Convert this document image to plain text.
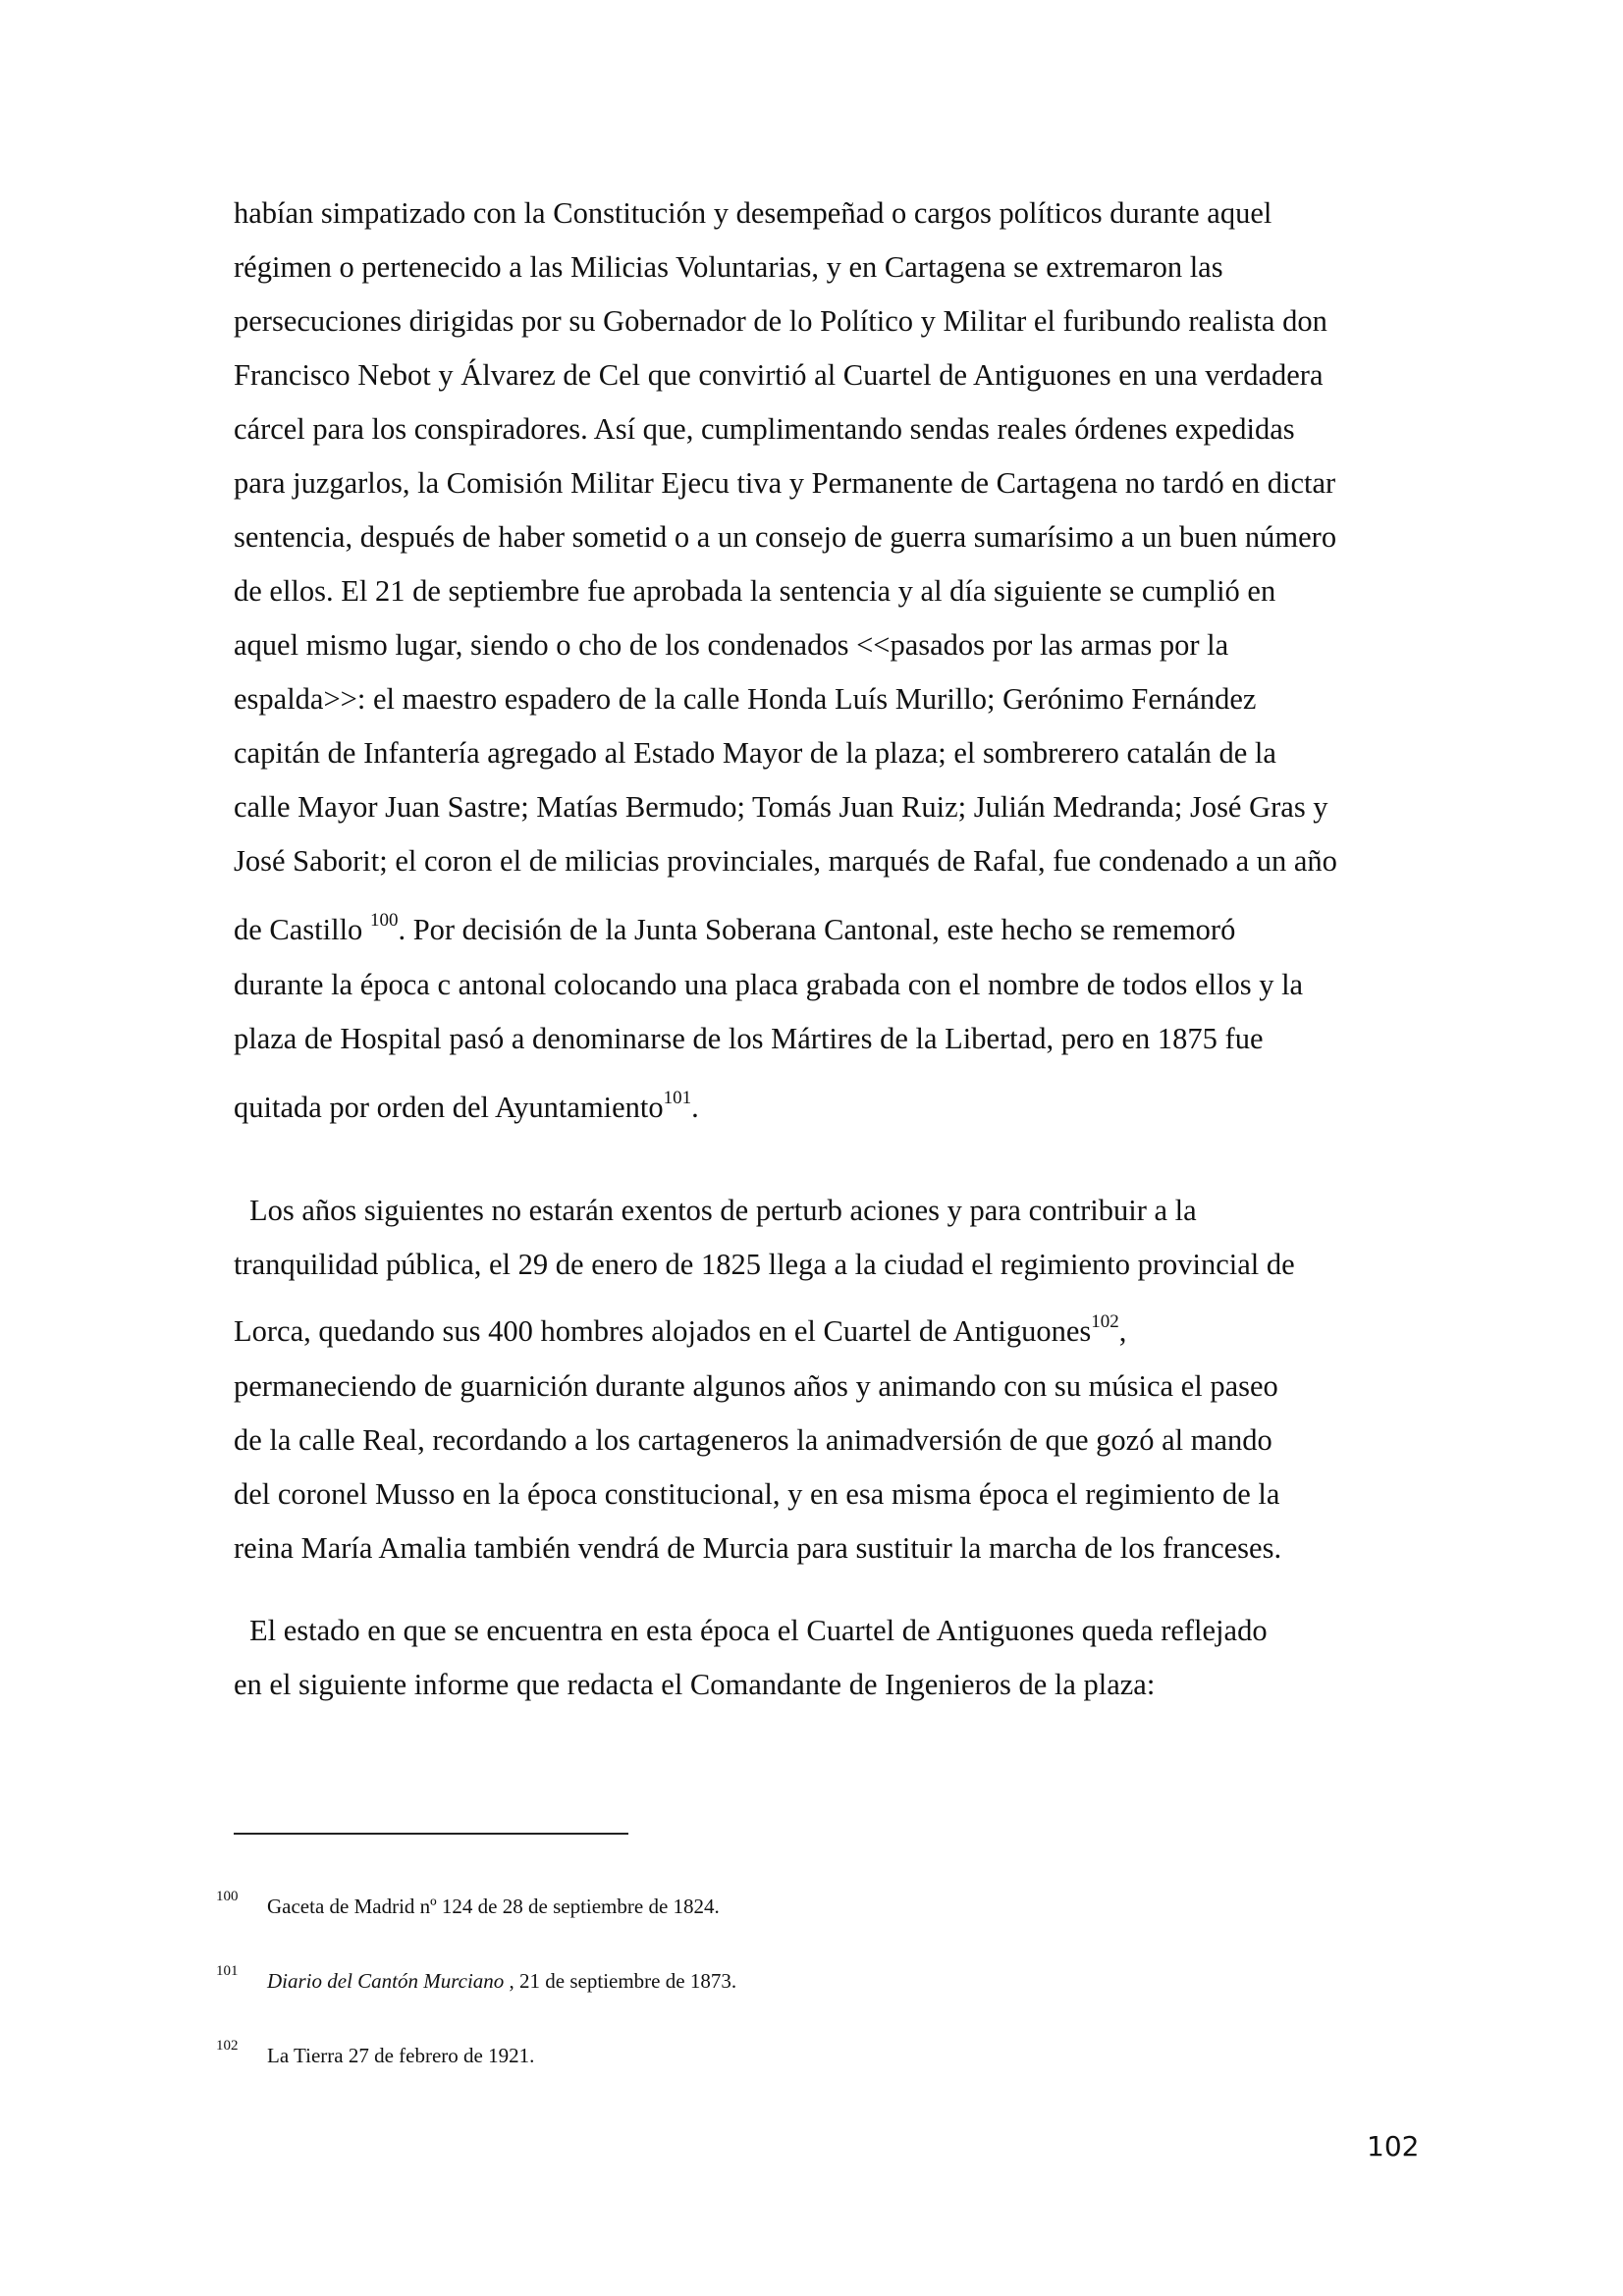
habían simpatizado con la Constitución y desempeñad o cargos políticos durante aquel
régimen o pertenecido a las Milicias Voluntarias, y en Cartagena se extremaron las
persecuciones dirigidas por su Gobernador de lo Político y Militar el furibundo realista don
Francisco Nebot y Álvarez de Cel que convirtió al Cuartel de Antiguones en una verdadera
cárcel para los conspiradores. Así que, cumplimentando sendas reales órdenes expedidas
para juzgarlos, la Comisión Militar Ejecu tiva y Permanente de Cartagena no tardó en dictar
sentencia, después de haber sometid o a un consejo de guerra sumarísimo a un buen número
de ellos. El 21 de septiembre fue aprobada la sentencia y al día siguiente se cumplió en
aquel mismo lugar, siendo o cho de los condenados <<pasados por las armas por la
espalda>>: el maestro espadero de la calle Honda Luís Murillo; Gerónimo Fernández
capitán de Infantería agregado al Estado Mayor de la plaza; el sombrerero catalán de la
calle Mayor Juan Sastre; Matías Bermudo; Tomás Juan Ruiz; Julián Medranda; José Gras y
José Saborit; el coron el de milicias provinciales, marqués de Rafal, fue condenado a un año
de Castillo $^{100}$. Por decisión de la Junta Soberana Cantonal, este hecho se rememoró
durante la época c antonal colocando una placa grabada con el nombre de todos ellos y la
plaza de Hospital pasó a denominarse de los Mártires de la Libertad, pero en 1875 fue
quitada por orden del Ayuntamiento$^{101}$.
Los años siguientes no estarán exentos de perturb aciones y para contribuir a la
tranquilidad pública, el 29 de enero de 1825 llega a la ciudad el regimiento provincial de
Lorca, quedando sus 400 hombres alojados en el Cuartel de Antiguones$^{102}$,
permaneciendo de guarnición durante algunos años y animando con su música el paseo
de la calle Real, recordando a los cartageneros la animadversión de que gozó al mando
del coronel Musso en la época constitucional, y en esa misma época el regimiento de la
reina María Amalia también vendrá de Murcia para sustituir la marcha de los franceses.
El estado en que se encuentra en esta época el Cuartel de Antiguones queda reflejado
en el siguiente informe que redacta el Comandante de Ingenieros de la plaza:
100 Gaceta de Madrid nº 124 de 28 de septiembre de 1824.
101 Diario del Cantón Murciano , 21 de septiembre de 1873.
102 La Tierra 27 de febrero de 1921.
102
